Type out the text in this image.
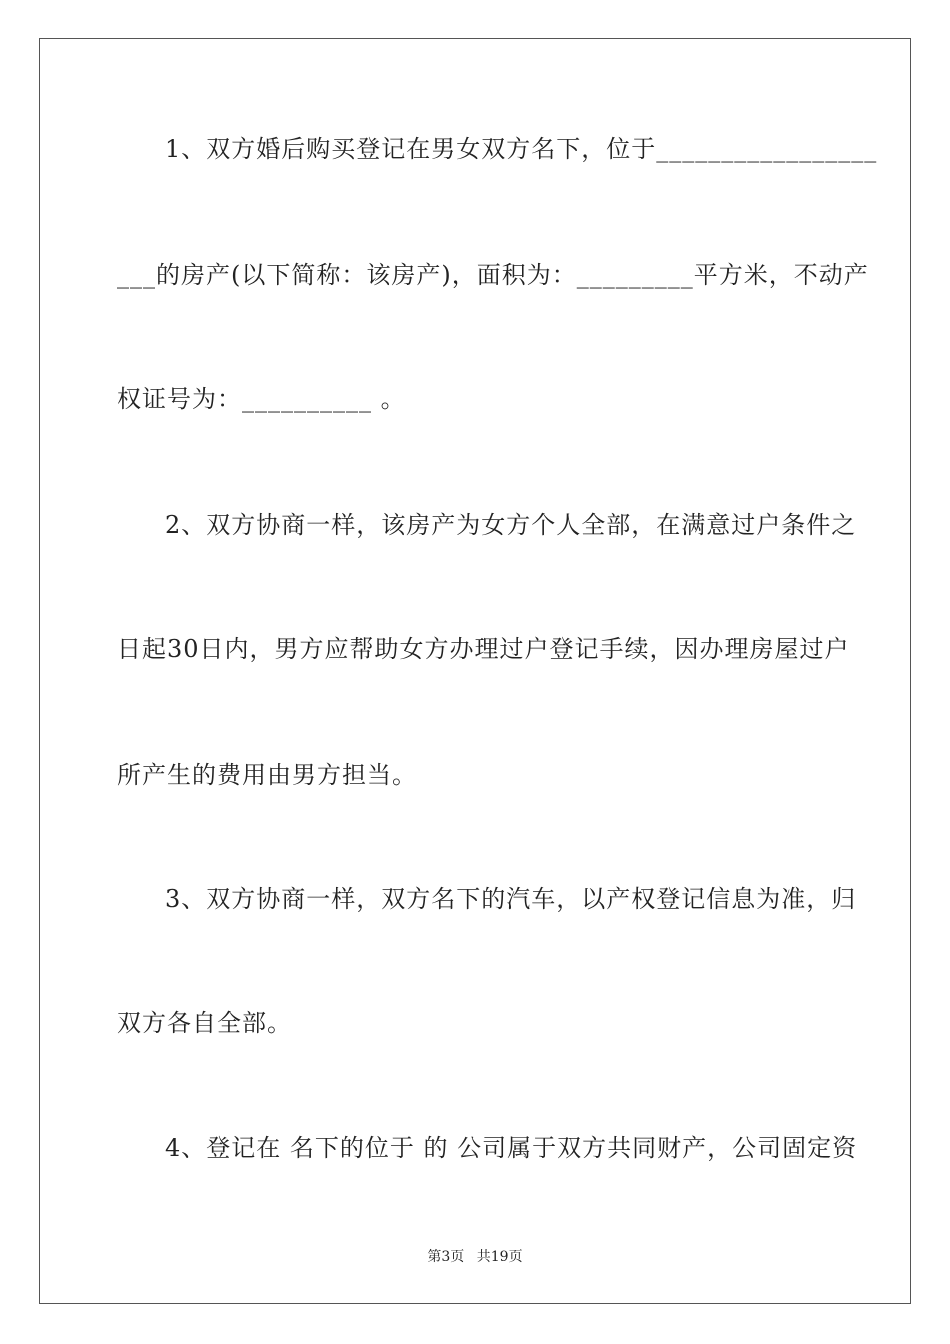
1、双方婚后购买登记在男女双方名下，位于_________________
___的房产(以下简称：该房产)，面积为：_________平方米，不动产
权证号为：__________ 。
2、双方协商一样，该房产为女方个人全部，在满意过户条件之
日起30日内，男方应帮助女方办理过户登记手续，因办理房屋过户
所产生的费用由男方担当。
3、双方协商一样，双方名下的汽车，以产权登记信息为准，归
双方各自全部。
4、登记在 名下的位于 的 公司属于双方共同财产，公司固定资
第3页 共19页
